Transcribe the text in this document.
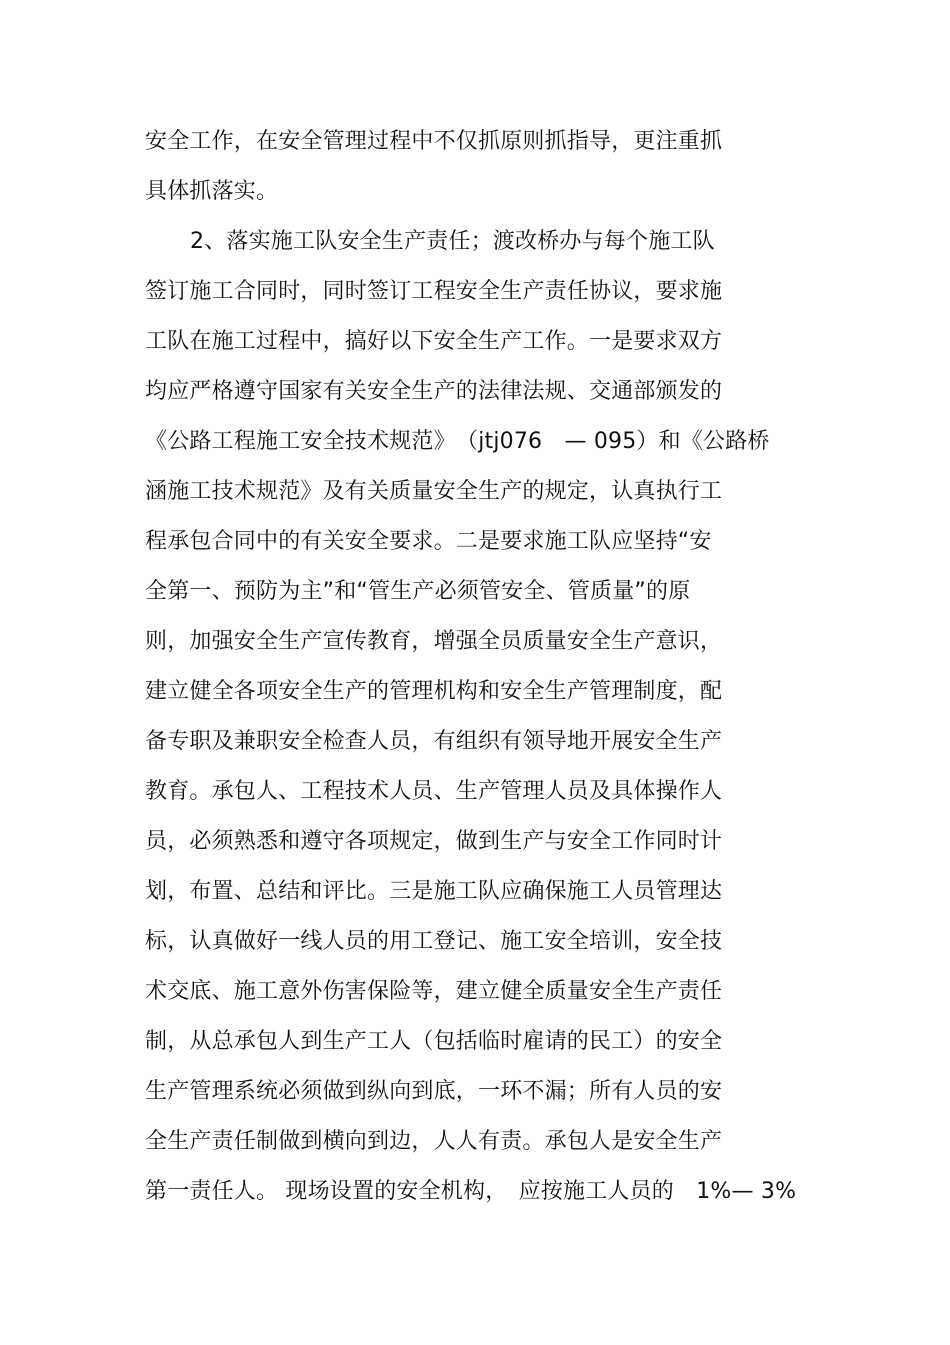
安全工作，在安全管理过程中不仅抓原则抓指导，更注重抓
具体抓落实。
2、落实施工队安全生产责任；渡改桥办与每个施工队
签订施工合同时，同时签订工程安全生产责任协议，要求施
工队在施工过程中，搞好以下安全生产工作。一是要求双方
均应严格遵守国家有关安全生产的法律法规、交通部颁发的
《公路工程施工安全技术规范》　（jtj076　— 095）和《公路桥
涵施工技术规范》及有关质量安全生产的规定，认真执行工
程承包合同中的有关安全要求。二是要求施工队应坚持“安
全第一、预防为主”和“管生产必须管安全、管质量”的原
则，加强安全生产宣传教育，增强全员质量安全生产意识，
建立健全各项安全生产的管理机构和安全生产管理制度，配
备专职及兼职安全检查人员，有组织有领导地开展安全生产
教育。承包人、工程技术人员、生产管理人员及具体操作人
员，必须熟悉和遵守各项规定，做到生产与安全工作同时计
划，布置、总结和评比。三是施工队应确保施工人员管理达
标，认真做好一线人员的用工登记、施工安全培训，安全技
术交底、施工意外伤害保险等，建立健全质量安全生产责任
制，从总承包人到生产工人（包括临时雇请的民工）的安全
生产管理系统必须做到纵向到底，一环不漏；所有人员的安
全生产责任制做到横向到边，人人有责。承包人是安全生产
第一责任人。 现场设置的安全机构，　应按施工人员的　1%— 3%
